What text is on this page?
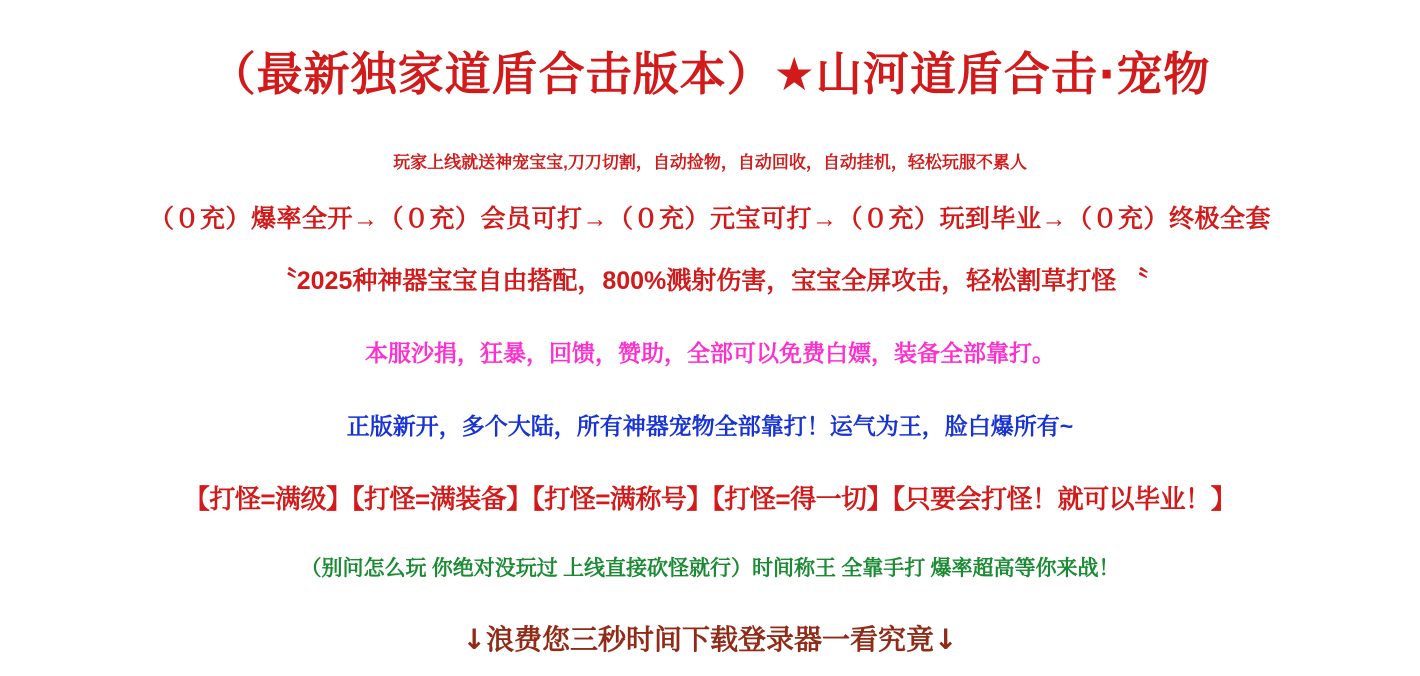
（最新独家道盾合击版本）★山河道盾合击·宠物
玩家上线就送神宠宝宝,刀刀切割，自动捡物，自动回收，自动挂机，轻松玩服不累人
（０充）爆率全开→（０充）会员可打→（０充）元宝可打→（０充）玩到毕业→（０充）终极全套
〝2025种神器宝宝自由搭配，800%溅射伤害，宝宝全屏攻击，轻松割草打怪 〝
本服沙捐，狂暴，回馈，赞助，全部可以免费白嫖，装备全部靠打。
正版新开，多个大陆，所有神器宠物全部靠打！运气为王，脸白爆所有~
【打怪=满级】【打怪=满装备】【打怪=满称号】【打怪=得一切】【只要会打怪！就可以毕业！】
（别问怎么玩 你绝对没玩过 上线直接砍怪就行）时间称王 全靠手打 爆率超高等你来战！
↓浪费您三秒时间下载登录器一看究竟↓
